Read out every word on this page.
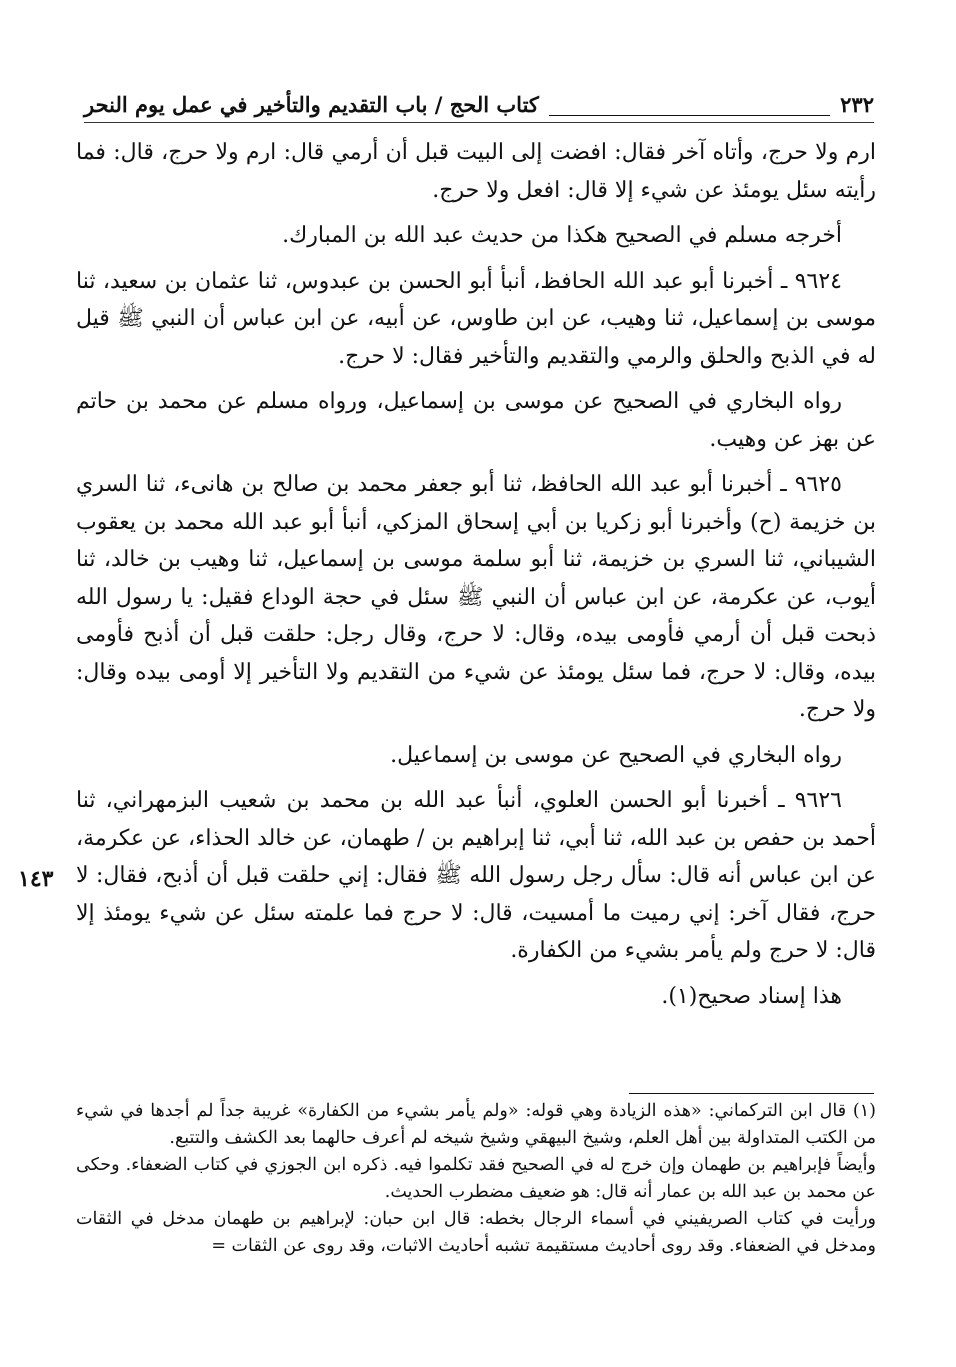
٢٣٢
كتاب الحج / باب التقديم والتأخير في عمل يوم النحر

ارم ولا حرج، وأتاه آخر فقال: افضت إلى البيت قبل أن أرمي قال: ارم ولا حرج، قال: فما رأيته سئل يومئذ عن شيء إلا قال: افعل ولا حرج.

أخرجه مسلم في الصحيح هكذا من حديث عبد الله بن المبارك.

٩٦٢٤ ـ أخبرنا أبو عبد الله الحافظ، أنبأ أبو الحسن بن عبدوس، ثنا عثمان بن سعيد، ثنا موسى بن إسماعيل، ثنا وهيب، عن ابن طاوس، عن أبيه، عن ابن عباس أن النبي ﷺ قيل له في الذبح والحلق والرمي والتقديم والتأخير فقال: لا حرج.

رواه البخاري في الصحيح عن موسى بن إسماعيل، ورواه مسلم عن محمد بن حاتم عن بهز عن وهيب.

٩٦٢٥ ـ أخبرنا أبو عبد الله الحافظ، ثنا أبو جعفر محمد بن صالح بن هانىء، ثنا السري بن خزيمة (ح) وأخبرنا أبو زكريا بن أبي إسحاق المزكي، أنبأ أبو عبد الله محمد بن يعقوب الشيباني، ثنا السري بن خزيمة، ثنا أبو سلمة موسى بن إسماعيل، ثنا وهيب بن خالد، ثنا أيوب، عن عكرمة، عن ابن عباس أن النبي ﷺ سئل في حجة الوداع فقيل: يا رسول الله ذبحت قبل أن أرمي فأومى بيده، وقال: لا حرج، وقال رجل: حلقت قبل أن أذبح فأومى بيده، وقال: لا حرج، فما سئل يومئذ عن شيء من التقديم ولا التأخير إلا أومى بيده وقال: ولا حرج.

رواه البخاري في الصحيح عن موسى بن إسماعيل.

٩٦٢٦ ـ أخبرنا أبو الحسن العلوي، أنبأ عبد الله بن محمد بن شعيب البزمهراني، ثنا أحمد بن حفص بن عبد الله، ثنا أبي، ثنا إبراهيم بن / طهمان، عن خالد الحذاء، عن عكرمة، عن ابن عباس أنه قال: سأل رجل رسول الله ﷺ فقال: إني حلقت قبل أن أذبح، فقال: لا حرج، فقال آخر: إني رميت ما أمسيت، قال: لا حرج فما علمته سئل عن شيء يومئذ إلا قال: لا حرج ولم يأمر بشيء من الكفارة.

هذا إسناد صحيح(١).

١٤٣

(١) قال ابن التركماني: «هذه الزيادة وهي قوله: «ولم يأمر بشيء من الكفارة» غريبة جداً لم أجدها في شيء من الكتب المتداولة بين أهل العلم، وشيخ البيهقي وشيخ شيخه لم أعرف حالهما بعد الكشف والتتبع.

وأيضاً فإبراهيم بن طهمان وإن خرج له في الصحيح فقد تكلموا فيه. ذكره ابن الجوزي في كتاب الضعفاء. وحكى عن محمد بن عبد الله بن عمار أنه قال: هو ضعيف مضطرب الحديث.

ورأيت في كتاب الصريفيني في أسماء الرجال بخطه: قال ابن حبان: لإبراهيم بن طهمان مدخل في الثقات ومدخل في الضعفاء. وقد روى أحاديث مستقيمة تشبه أحاديث الاثبات، وقد روى عن الثقات =
